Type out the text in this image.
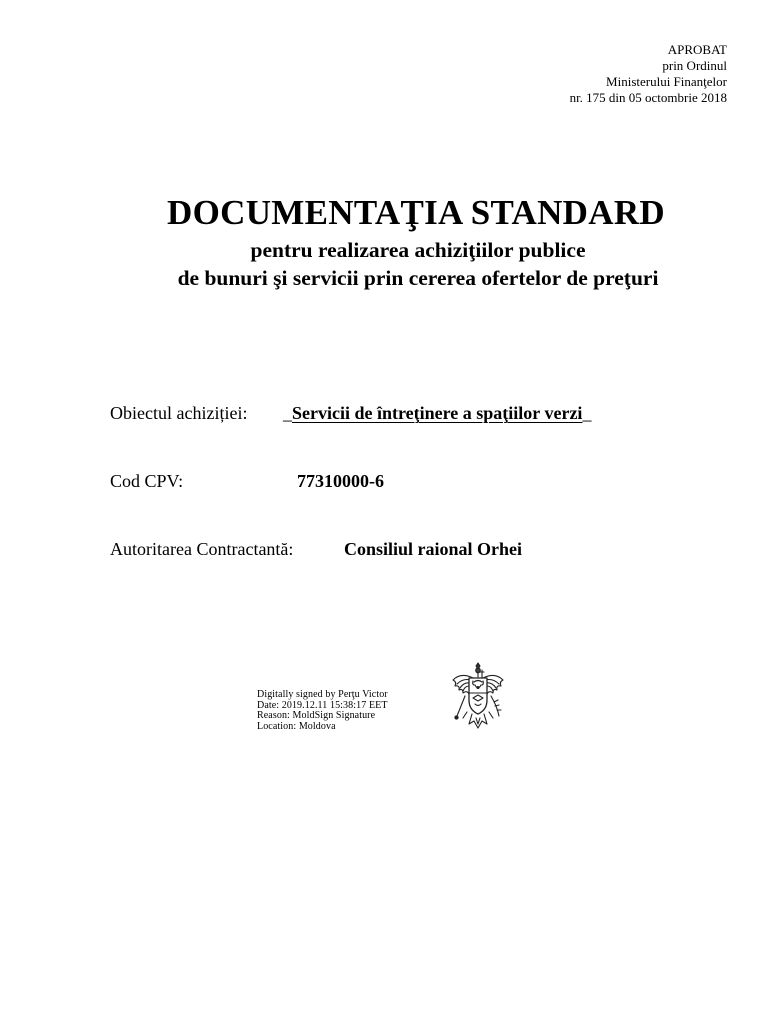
APROBAT
prin Ordinul
Ministerului Finanţelor
nr. 175 din 05 octombrie 2018
DOCUMENTAŢIA STANDARD
pentru realizarea achiziţiilor publice
de bunuri şi servicii prin cererea ofertelor de preţuri
Obiectul achiziției: _Servicii de întreţinere a spaţiilor verzi_
Cod CPV:	77310000-6
Autoritarea Contractantă:	Consiliul raional Orhei
Digitally signed by Perţu Victor
Date: 2019.12.11 15:38:17 EET
Reason: MoldSign Signature
Location: Moldova
